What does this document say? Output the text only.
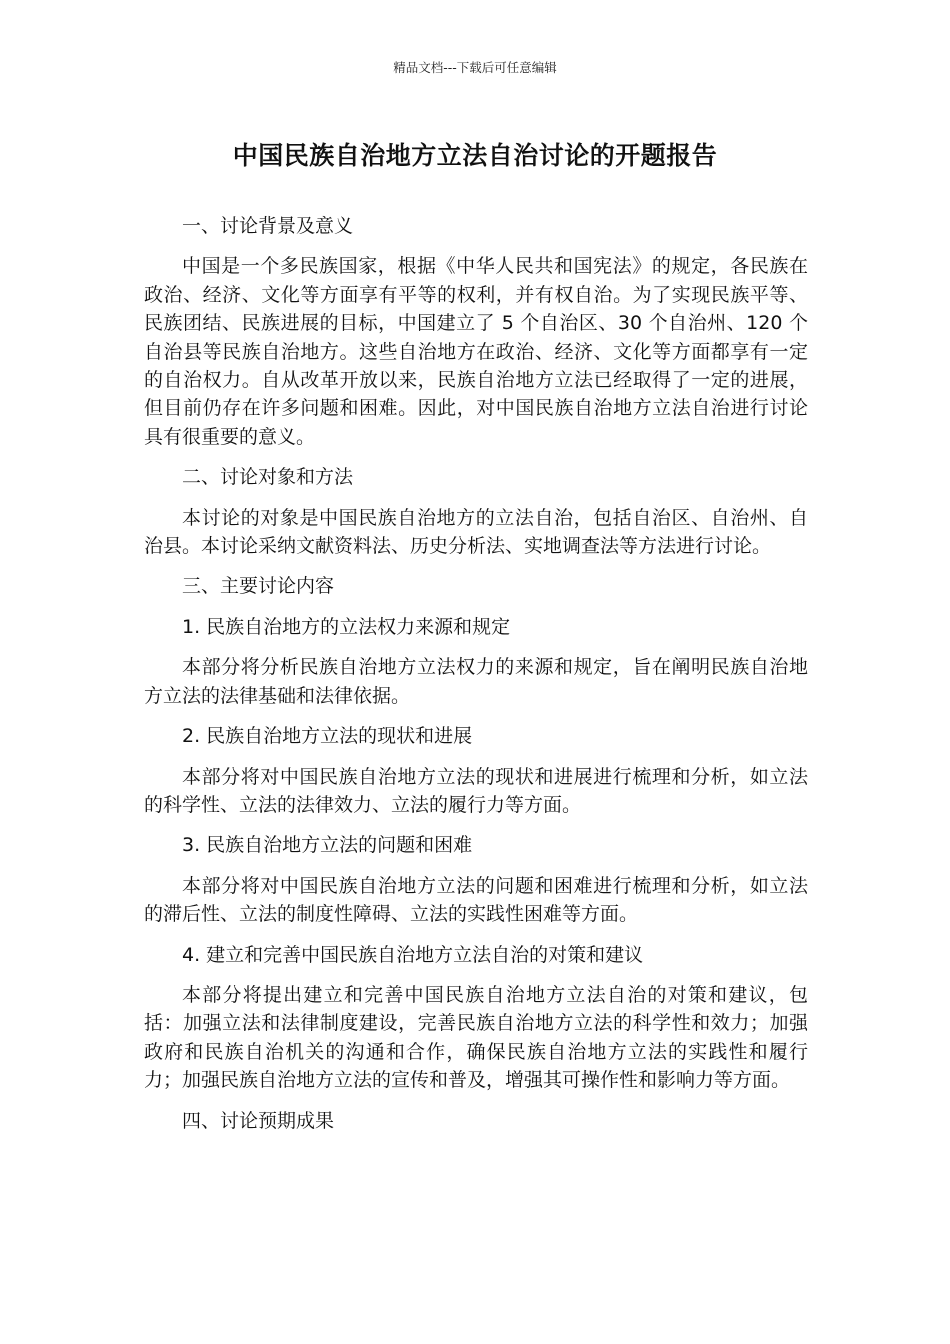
精品文档---下载后可任意编辑
中国民族自治地方立法自治讨论的开题报告

一、讨论背景及意义

中国是一个多民族国家，根据《中华人民共和国宪法》的规定，各民族在政治、经济、文化等方面享有平等的权利，并有权自治。为了实现民族平等、民族团结、民族进展的目标，中国建立了 5 个自治区、30 个自治州、120 个自治县等民族自治地方。这些自治地方在政治、经济、文化等方面都享有一定的自治权力。自从改革开放以来，民族自治地方立法已经取得了一定的进展，但目前仍存在许多问题和困难。因此，对中国民族自治地方立法自治进行讨论具有很重要的意义。

二、讨论对象和方法

本讨论的对象是中国民族自治地方的立法自治，包括自治区、自治州、自治县。本讨论采纳文献资料法、历史分析法、实地调查法等方法进行讨论。

三、主要讨论内容

1. 民族自治地方的立法权力来源和规定

本部分将分析民族自治地方立法权力的来源和规定，旨在阐明民族自治地方立法的法律基础和法律依据。

2. 民族自治地方立法的现状和进展

本部分将对中国民族自治地方立法的现状和进展进行梳理和分析，如立法的科学性、立法的法律效力、立法的履行力等方面。

3. 民族自治地方立法的问题和困难

本部分将对中国民族自治地方立法的问题和困难进行梳理和分析，如立法的滞后性、立法的制度性障碍、立法的实践性困难等方面。

4. 建立和完善中国民族自治地方立法自治的对策和建议

本部分将提出建立和完善中国民族自治地方立法自治的对策和建议，包括：加强立法和法律制度建设，完善民族自治地方立法的科学性和效力；加强政府和民族自治机关的沟通和合作，确保民族自治地方立法的实践性和履行力；加强民族自治地方立法的宣传和普及，增强其可操作性和影响力等方面。

四、讨论预期成果
